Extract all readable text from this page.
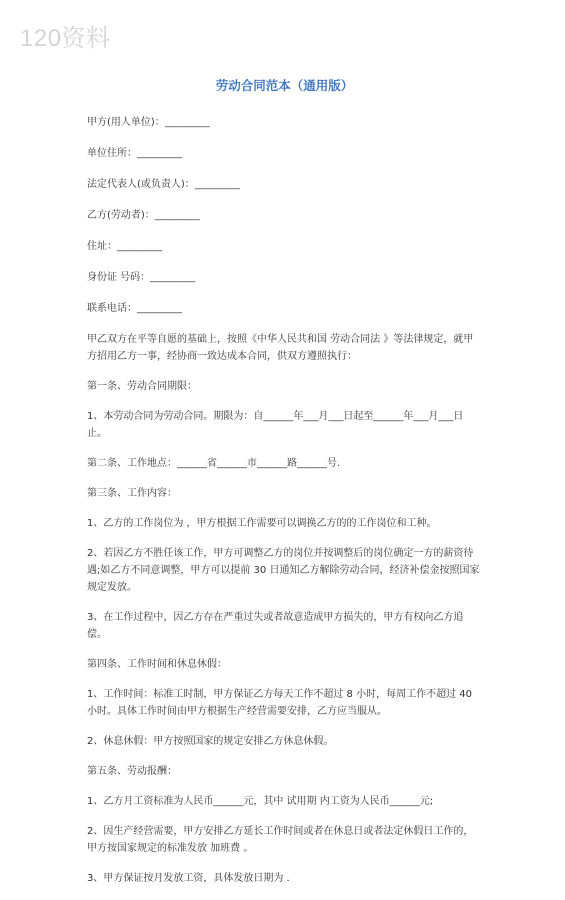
120资料
劳动合同范本（通用版）
甲方(用人单位)：_________
单位住所：_________
法定代表人(或负责人)：_________
乙方(劳动者)：_________
住址：_________
身份证 号码：_________
联系电话：_________
甲乙双方在平等自愿的基础上，按照《中华人民共和国 劳动合同法 》等法律规定，就甲方招用乙方一事，经协商一致达成本合同，供双方遵照执行：
第一条、劳动合同期限：
1、本劳动合同为劳动合同。期限为：自______年___月___日起至______年___月___日止。
第二条、工作地点：______省______市______路______号.
第三条、工作内容：
1、乙方的工作岗位为 ，甲方根据工作需要可以调换乙方的的工作岗位和工种。
2、若因乙方不胜任该工作，甲方可调整乙方的岗位并按调整后的岗位确定一方的薪资待遇;如乙方不同意调整，甲方可以提前 30 日通知乙方解除劳动合同，经济补偿金按照国家规定发放。
3、在工作过程中，因乙方存在严重过失或者故意造成甲方损失的，甲方有权向乙方追偿。
第四条、工作时间和休息休假：
1、工作时间：标准工时制，甲方保证乙方每天工作不超过 8 小时，每周工作不超过 40 小时。具体工作时间由甲方根据生产经营需要安排，乙方应当服从。
2、休息休假：甲方按照国家的规定安排乙方休息休假。
第五条、劳动报酬：
1、乙方月工资标准为人民币______元，其中 试用期 内工资为人民币______元;
2、因生产经营需要，甲方安排乙方延长工作时间或者在休息日或者法定休假日工作的，甲方按国家规定的标准发放 加班费 。
3、甲方保证按月发放工资，具体发放日期为 .
